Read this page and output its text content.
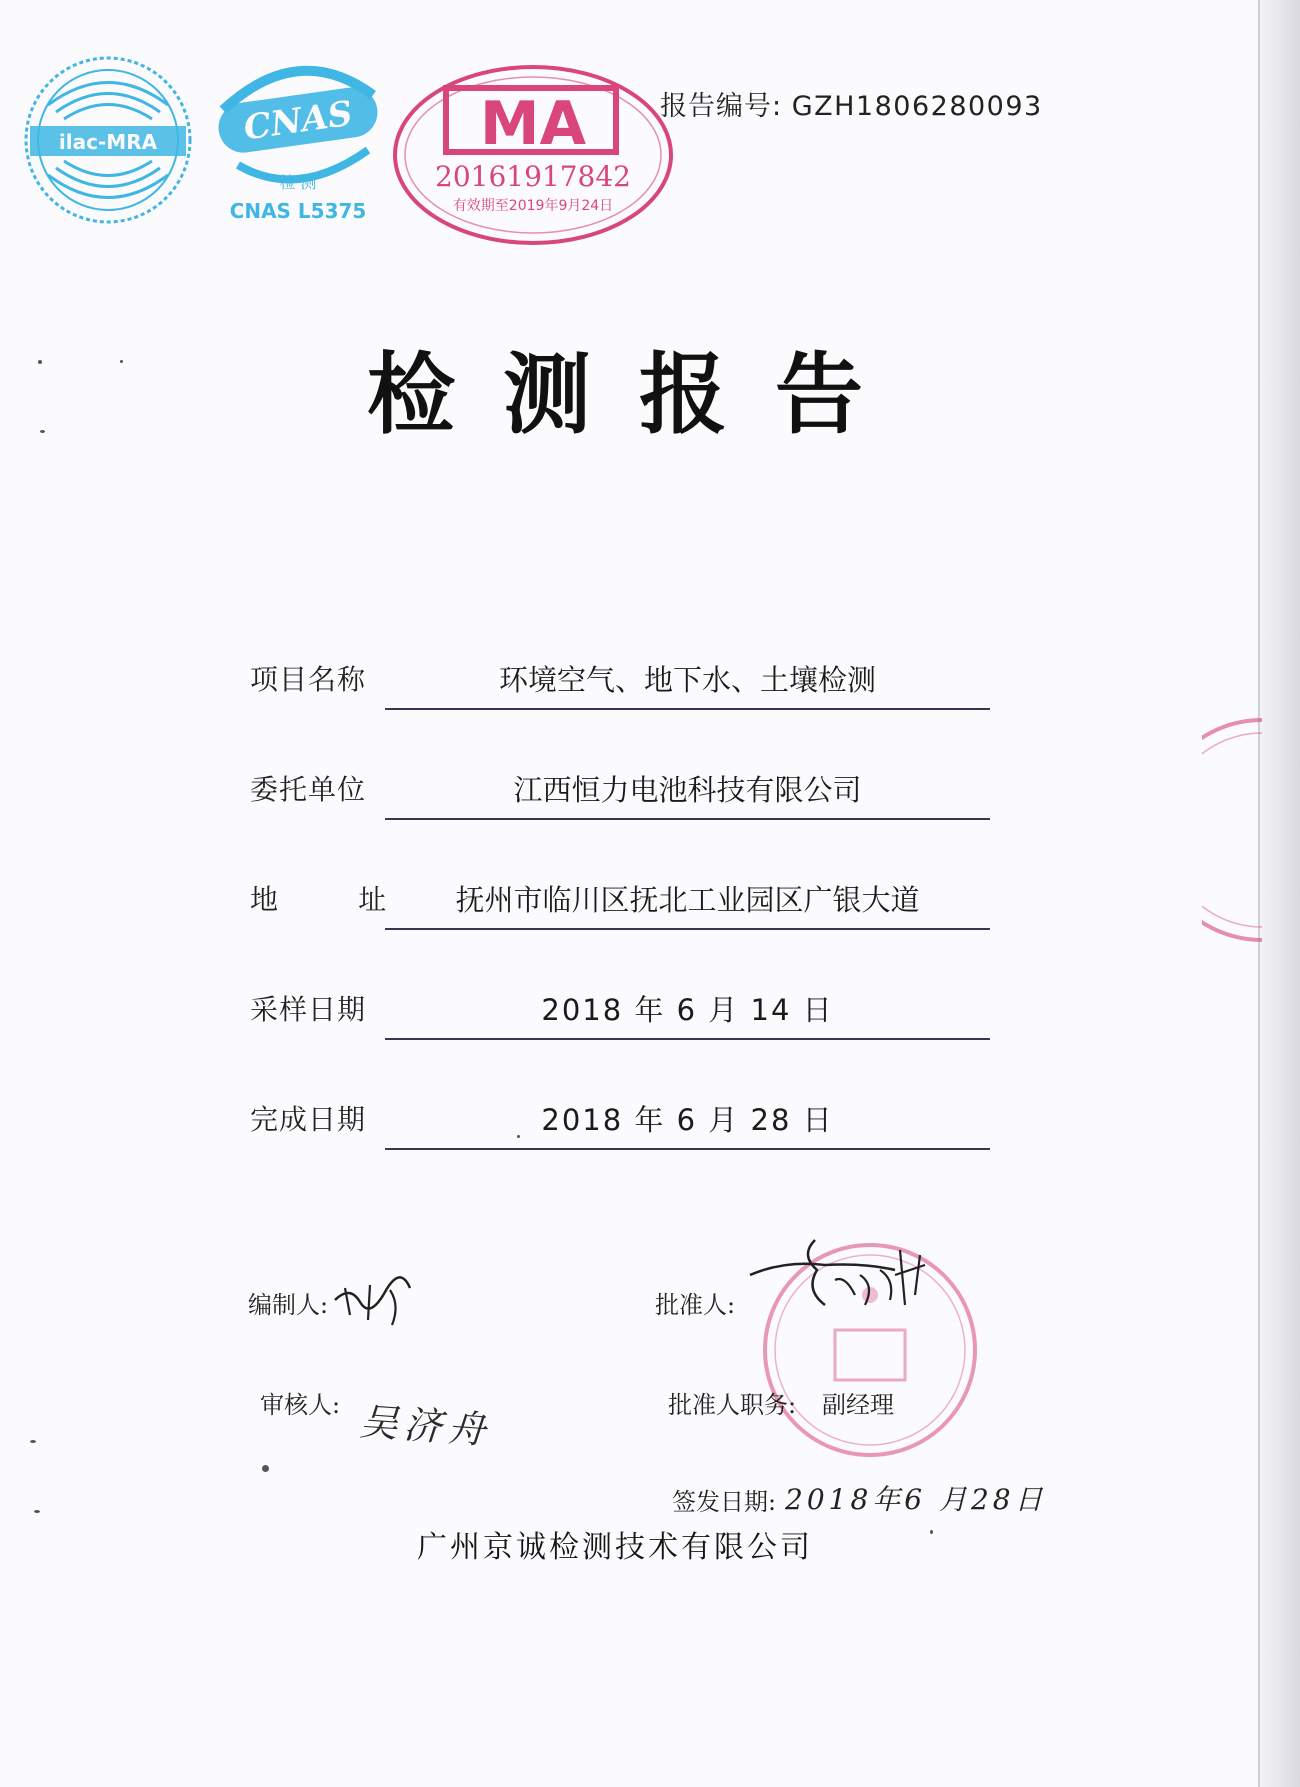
ilac-MRA CNAS
检 测
CNAS L5375
MA
20161917842
有效期至2019年9月24日
报告编号: GZH1806280093
检测报告
项目名称	环境空气、地下水、土壤检测
委托单位	江西恒力电池科技有限公司
地        址	抚州市临川区抚北工业园区广银大道
采样日期	2018 年 6 月 14 日
完成日期	2018 年 6 月 28 日
编制人:
审核人: 吴济舟
批准人:
批准人职务: 副经理
签发日期: 2018年6 月28日
广州京诚检测技术有限公司
